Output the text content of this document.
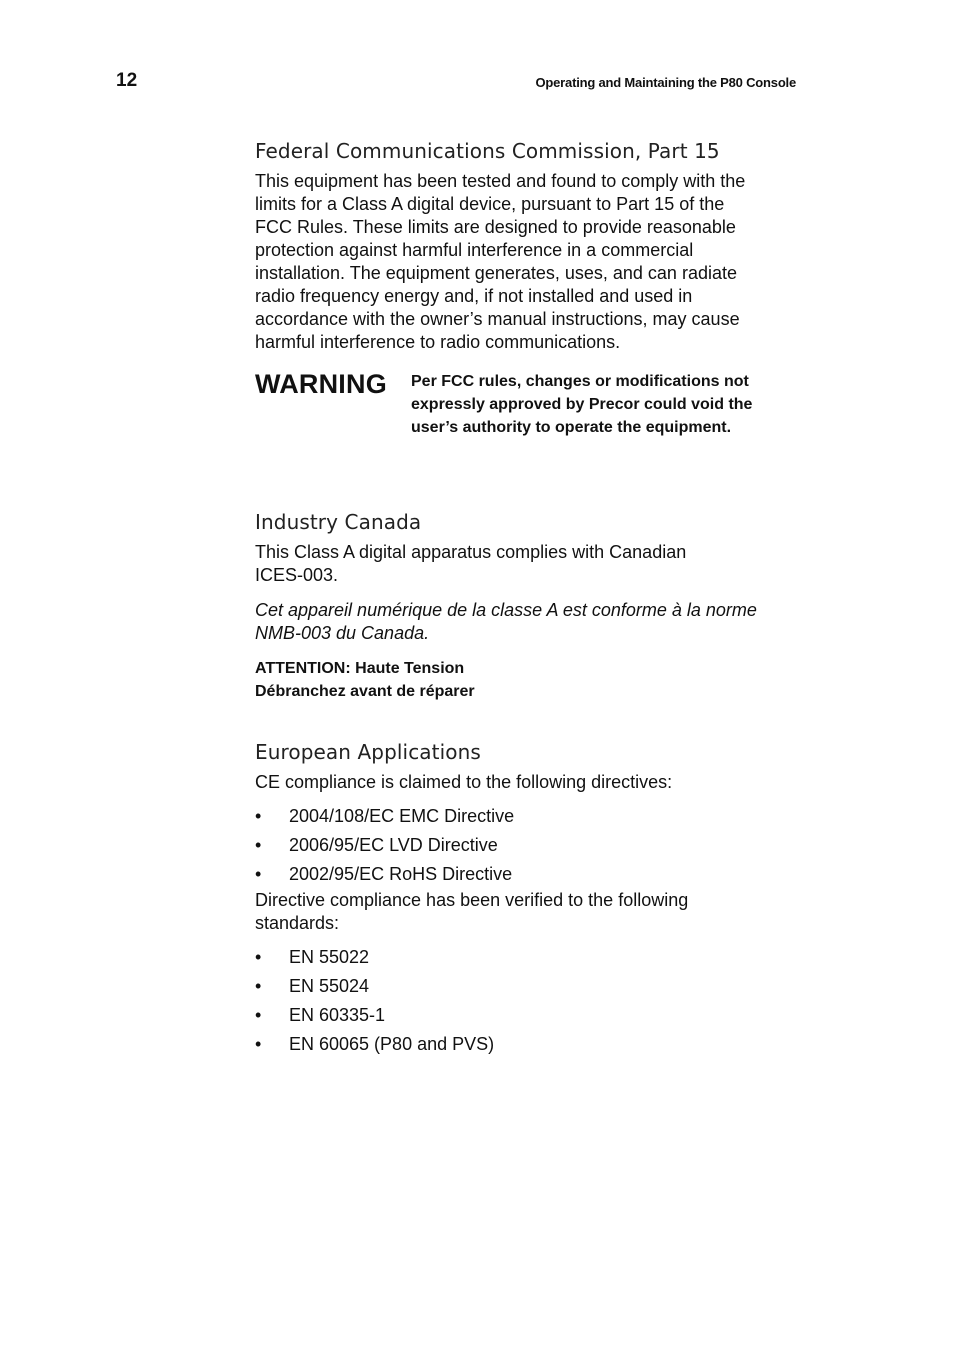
12	Operating and Maintaining the P80 Console
Federal Communications Commission, Part 15
This equipment has been tested and found to comply with the
limits for a Class A digital device, pursuant to Part 15 of the
FCC Rules. These limits are designed to provide reasonable
protection against harmful interference in a commercial
installation. The equipment generates, uses, and can radiate
radio frequency energy and, if not installed and used in
accordance with the owner’s manual instructions, may cause
harmful interference to radio communications.
WARNING	Per FCC rules, changes or modifications not
expressly approved by Precor could void the
user’s authority to operate the equipment.
Industry Canada
This Class A digital apparatus complies with Canadian
ICES-003.
Cet appareil numérique de la classe A est conforme à la norme
NMB-003 du Canada.
ATTENTION: Haute Tension
Débranchez avant de réparer
European Applications
CE compliance is claimed to the following directives:
•	2004/108/EC EMC Directive
•	2006/95/EC LVD Directive
•	2002/95/EC RoHS Directive
Directive compliance has been verified to the following
standards:
•	EN 55022
•	EN 55024
•	EN 60335-1
•	EN 60065 (P80 and PVS)
